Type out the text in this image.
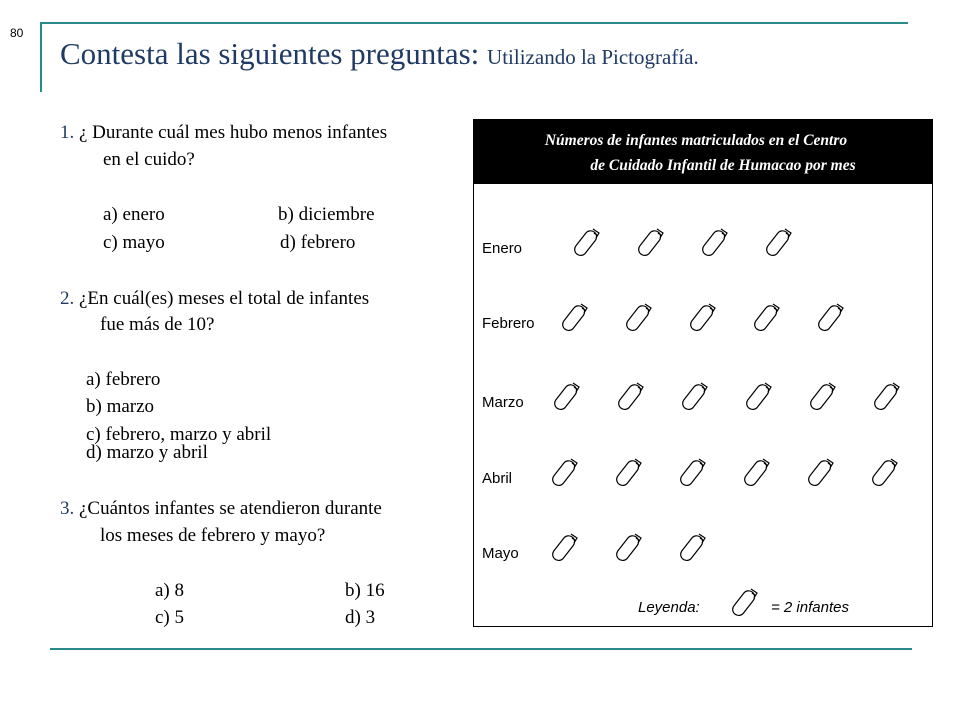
80
Contesta las siguientes preguntas: Utilizando la Pictografía.
1. ¿ Durante cuál mes hubo menos infantes
en el cuido?
a) enero	b) diciembre
c) mayo	d) febrero
2. ¿En cuál(es) meses el total de infantes
fue más de 10?
a) febrero
b) marzo
c) febrero, marzo y abril
d) marzo y abril
3. ¿Cuántos infantes se atendieron durante
los meses de febrero y mayo?
a) 8	b) 16
c) 5	d) 3
Números de infantes matriculados en el Centro
de Cuidado Infantil de Humacao por mes
Enero
Febrero
Marzo
Abril
Mayo
Leyenda:	= 2 infantes
